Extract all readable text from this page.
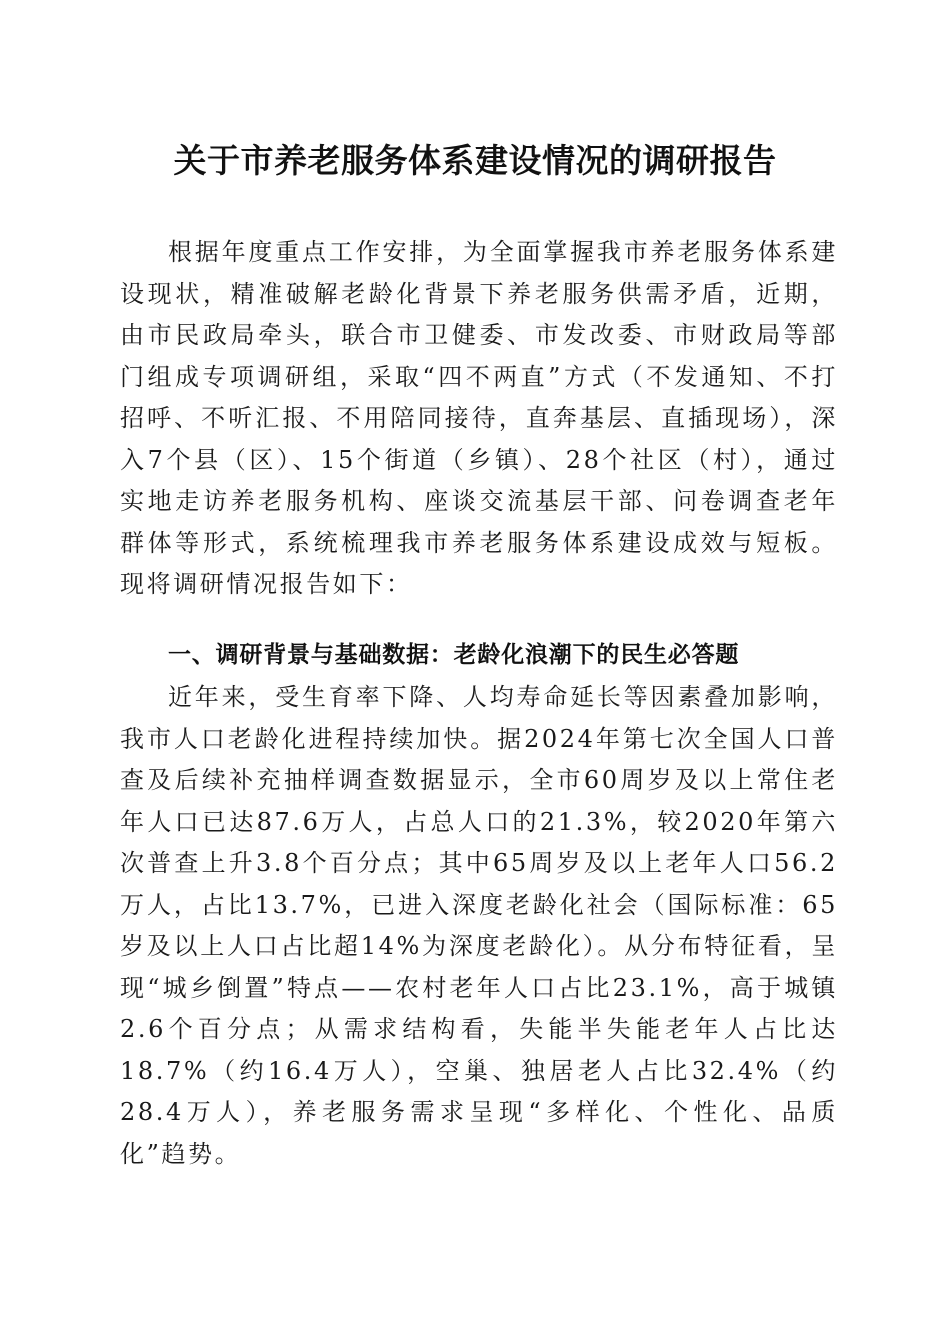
关于市养老服务体系建设情况的调研报告
根据年度重点工作安排，为全面掌握我市养老服务体系建设现状，精准破解老龄化背景下养老服务供需矛盾，近期，由市民政局牵头，联合市卫健委、市发改委、市财政局等部门组成专项调研组，采取“四不两直”方式（不发通知、不打招呼、不听汇报、不用陪同接待，直奔基层、直插现场），深入7个县（区）、15个街道（乡镇）、28个社区（村），通过实地走访养老服务机构、座谈交流基层干部、问卷调查老年群体等形式，系统梳理我市养老服务体系建设成效与短板。现将调研情况报告如下：
一、调研背景与基础数据：老龄化浪潮下的民生必答题
近年来，受生育率下降、人均寿命延长等因素叠加影响，我市人口老龄化进程持续加快。据2024年第七次全国人口普查及后续补充抽样调查数据显示，全市60周岁及以上常住老年人口已达87.6万人，占总人口的21.3%，较2020年第六次普查上升3.8个百分点；其中65周岁及以上老年人口56.2万人，占比13.7%，已进入深度老龄化社会（国际标准：65岁及以上人口占比超14%为深度老龄化）。从分布特征看，呈现“城乡倒置”特点——农村老年人口占比23.1%，高于城镇2.6个百分点；从需求结构看，失能半失能老年人占比达18.7%（约16.4万人），空巢、独居老人占比32.4%（约28.4万人），养老服务需求呈现“多样化、个性化、品质化”趋势。
